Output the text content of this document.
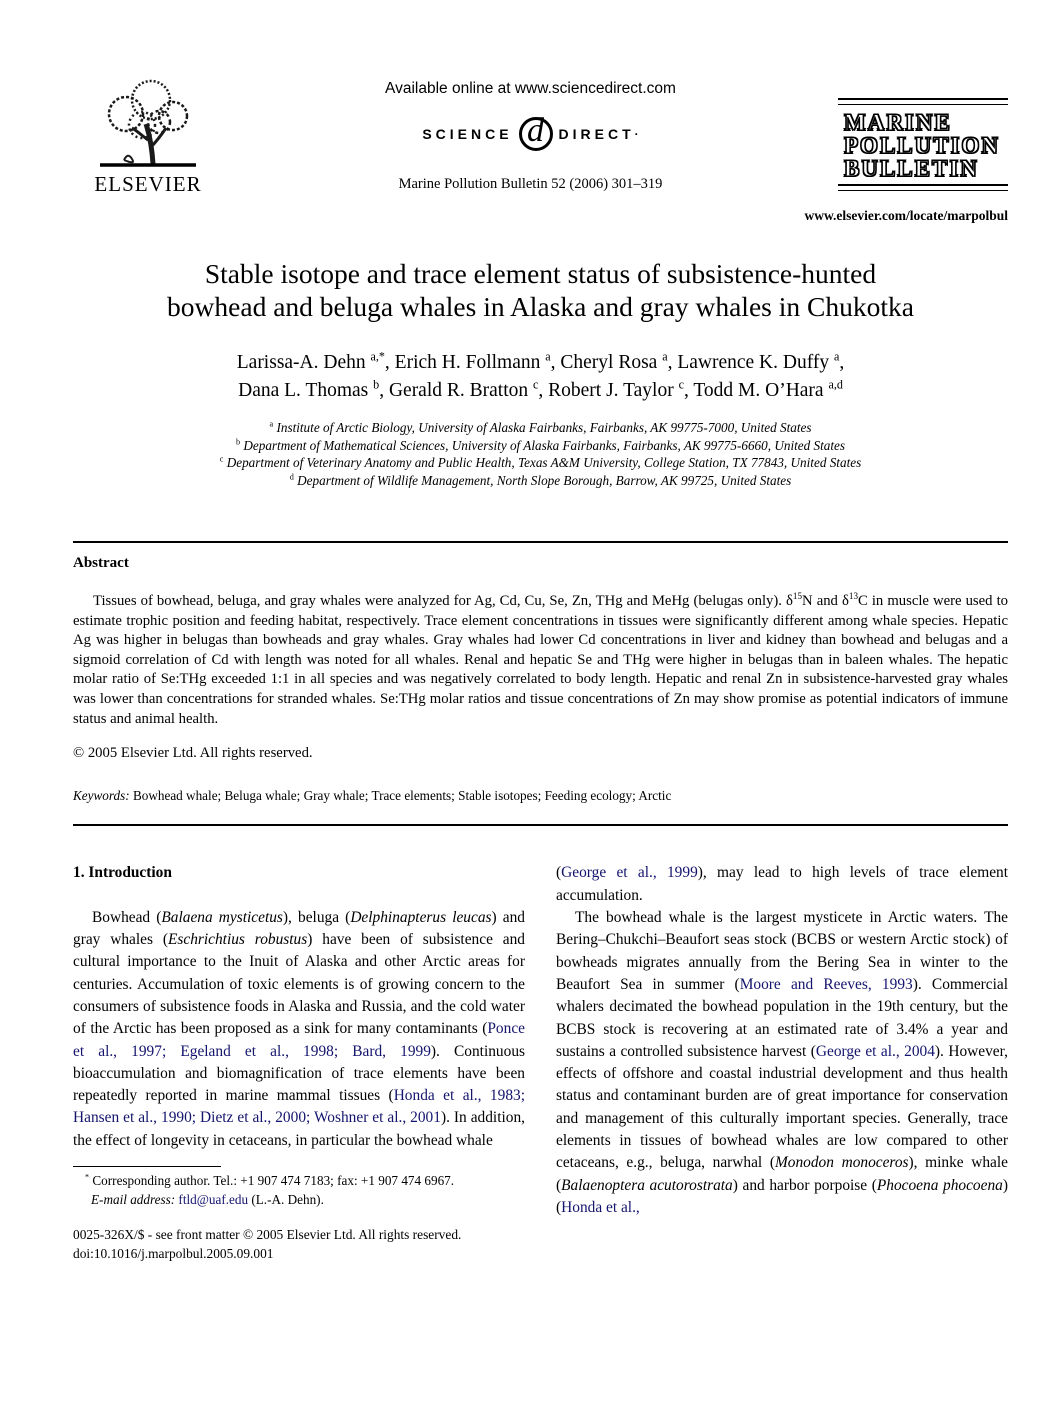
ELSEVIER
Available online at www.sciencedirect.com
SCIENCE d DIRECT ·
Marine Pollution Bulletin 52 (2006) 301–319
MARINE
POLLUTION
BULLETIN
www.elsevier.com/locate/marpolbul
Stable isotope and trace element status of subsistence-hunted
bowhead and beluga whales in Alaska and gray whales in Chukotka
Larissa-A. Dehn $^{a,*}$, Erich H. Follmann $^a$, Cheryl Rosa $^a$, Lawrence K. Duffy $^a$,
Dana L. Thomas $^b$, Gerald R. Bratton $^c$, Robert J. Taylor $^c$, Todd M. O’Hara $^{a,d}$
$^a$ Institute of Arctic Biology, University of Alaska Fairbanks, Fairbanks, AK 99775-7000, United States
$^b$ Department of Mathematical Sciences, University of Alaska Fairbanks, Fairbanks, AK 99775-6660, United States
$^c$ Department of Veterinary Anatomy and Public Health, Texas A&M University, College Station, TX 77843, United States
$^d$ Department of Wildlife Management, North Slope Borough, Barrow, AK 99725, United States
Abstract

Tissues of bowhead, beluga, and gray whales were analyzed for Ag, Cd, Cu, Se, Zn, THg and MeHg (belugas only). $\delta^{15}N$ and $\delta^{13}C$ in muscle were used to estimate trophic position and feeding habitat, respectively. Trace element concentrations in tissues were significantly different among whale species. Hepatic Ag was higher in belugas than bowheads and gray whales. Gray whales had lower Cd concentrations in liver and kidney than bowhead and belugas and a sigmoid correlation of Cd with length was noted for all whales. Renal and hepatic Se and THg were higher in belugas than in baleen whales. The hepatic molar ratio of Se:THg exceeded 1:1 in all species and was negatively correlated to body length. Hepatic and renal Zn in subsistence-harvested gray whales was lower than concentrations for stranded whales. Se:THg molar ratios and tissue concentrations of Zn may show promise as potential indicators of immune status and animal health.

© 2005 Elsevier Ltd. All rights reserved.
Keywords: Bowhead whale; Beluga whale; Gray whale; Trace elements; Stable isotopes; Feeding ecology; Arctic
1. Introduction

Bowhead (Balaena mysticetus), beluga (Delphinapterus leucas) and gray whales (Eschrichtius robustus) have been of subsistence and cultural importance to the Inuit of Alaska and other Arctic areas for centuries. Accumulation of toxic elements is of growing concern to the consumers of subsistence foods in Alaska and Russia, and the cold water of the Arctic has been proposed as a sink for many contaminants (Ponce et al., 1997; Egeland et al., 1998; Bard, 1999). Continuous bioaccumulation and biomagnification of trace elements have been repeatedly reported in marine mammal tissues (Honda et al., 1983; Hansen et al., 1990; Dietz et al., 2000; Woshner et al., 2001). In addition, the effect of longevity in cetaceans, in particular the bowhead whale

* Corresponding author. Tel.: +1 907 474 7183; fax: +1 907 474 6967.
E-mail address: ftld@uaf.edu (L.-A. Dehn).
0025-326X/$ - see front matter © 2005 Elsevier Ltd. All rights reserved.
doi:10.1016/j.marpolbul.2005.09.001

(George et al., 1999), may lead to high levels of trace element accumulation.

The bowhead whale is the largest mysticete in Arctic waters. The Bering–Chukchi–Beaufort seas stock (BCBS or western Arctic stock) of bowheads migrates annually from the Bering Sea in winter to the Beaufort Sea in summer (Moore and Reeves, 1993). Commercial whalers decimated the bowhead population in the 19th century, but the BCBS stock is recovering at an estimated rate of 3.4% a year and sustains a controlled subsistence harvest (George et al., 2004). However, effects of offshore and coastal industrial development and thus health status and contaminant burden are of great importance for conservation and management of this culturally important species. Generally, trace elements in tissues of bowhead whales are low compared to other cetaceans, e.g., beluga, narwhal (Monodon monoceros), minke whale (Balaenoptera acutorostrata) and harbor porpoise (Phocoena phocoena) (Honda et al.,
